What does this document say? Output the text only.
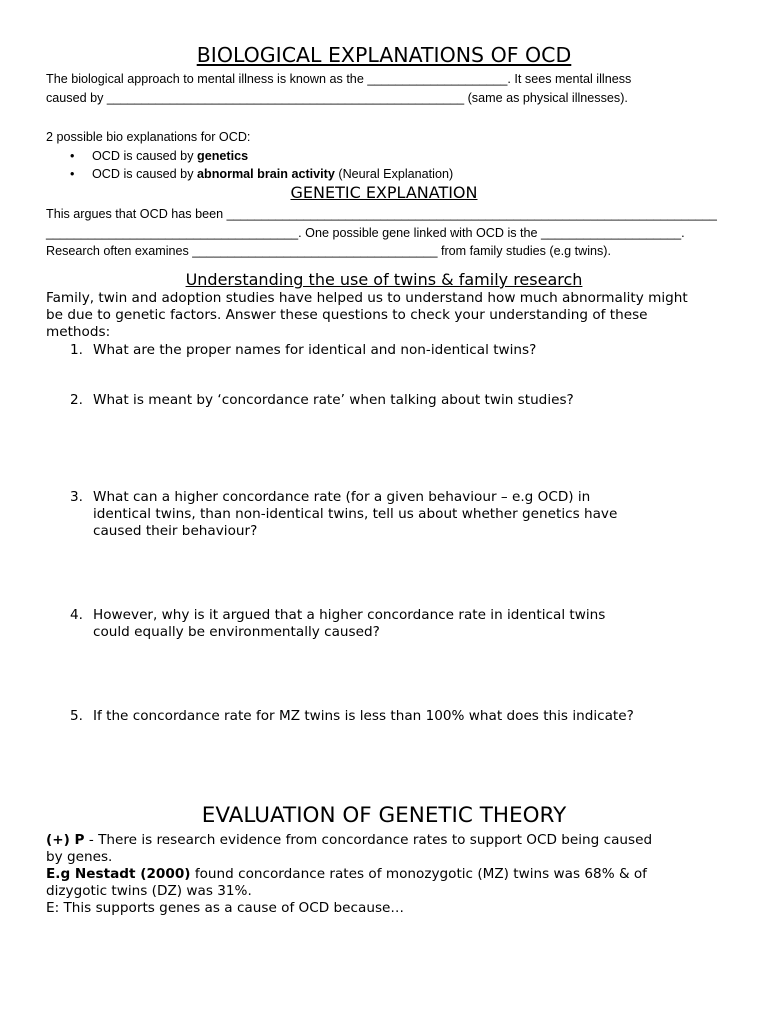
BIOLOGICAL EXPLANATIONS OF OCD

The biological approach to mental illness is known as the ____________________. It sees mental illness

caused by ___________________________________________________ (same as physical illnesses).

2 possible bio explanations for OCD:

• OCD is caused by genetics

• OCD is caused by abnormal brain activity (Neural Explanation)

GENETIC EXPLANATION

This argues that OCD has been ______________________________________________________________________

____________________________________. One possible gene linked with OCD is the ____________________.

Research often examines ___________________________________ from family studies (e.g twins).

Understanding the use of twins & family research

Family, twin and adoption studies have helped us to understand how much abnormality might

be due to genetic factors. Answer these questions to check your understanding of these

methods:

1. What are the proper names for identical and non-identical twins?

2. What is meant by ‘concordance rate’ when talking about twin studies?

3. What can a higher concordance rate (for a given behaviour – e.g OCD) in

identical twins, than non-identical twins, tell us about whether genetics have

caused their behaviour?

4. However, why is it argued that a higher concordance rate in identical twins

could equally be environmentally caused?

5. If the concordance rate for MZ twins is less than 100% what does this indicate?

EVALUATION OF GENETIC THEORY

(+) P - There is research evidence from concordance rates to support OCD being caused

by genes.

E.g Nestadt (2000) found concordance rates of monozygotic (MZ) twins was 68% & of

dizygotic twins (DZ) was 31%.

E: This supports genes as a cause of OCD because…
